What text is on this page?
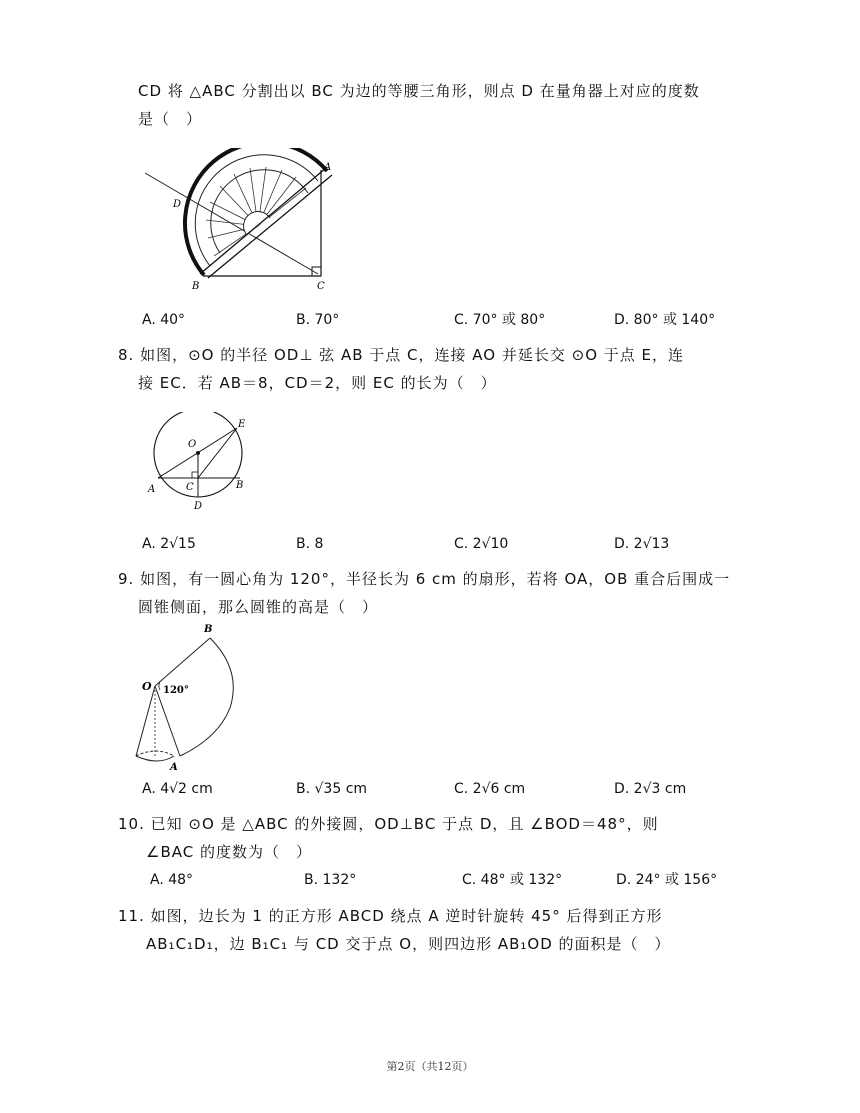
CD 将 △ABC 分割出以 BC 为边的等腰三角形，则点 D 在量角器上对应的度数
是（　）
A
B	C
D
A. 40°	B. 70°	C. 70° 或 80°	D. 80° 或 140°
8. 如图，⊙O 的半径 OD⊥ 弦 AB 于点 C，连接 AO 并延长交 ⊙O 于点 E，连
接 EC．若 AB＝8，CD＝2，则 EC 的长为（　）
O
E
A	C	B
D
A. 2√15	B. 8	C. 2√10	D. 2√13
9. 如图，有一圆心角为 120°，半径长为 6 cm 的扇形，若将 OA，OB 重合后围成一
圆锥侧面，那么圆锥的高是（　）
B
O 120°
A
A. 4√2 cm	B. √35 cm	C. 2√6 cm	D. 2√3 cm
10. 已知 ⊙O 是 △ABC 的外接圆，OD⊥BC 于点 D，且 ∠BOD＝48°，则
∠BAC 的度数为（　）
A. 48°	B. 132°	C. 48° 或 132°	D. 24° 或 156°
11. 如图，边长为 1 的正方形 ABCD 绕点 A 逆时针旋转 45° 后得到正方形
AB₁C₁D₁，边 B₁C₁ 与 CD 交于点 O，则四边形 AB₁OD 的面积是（　）
第2页（共12页）
